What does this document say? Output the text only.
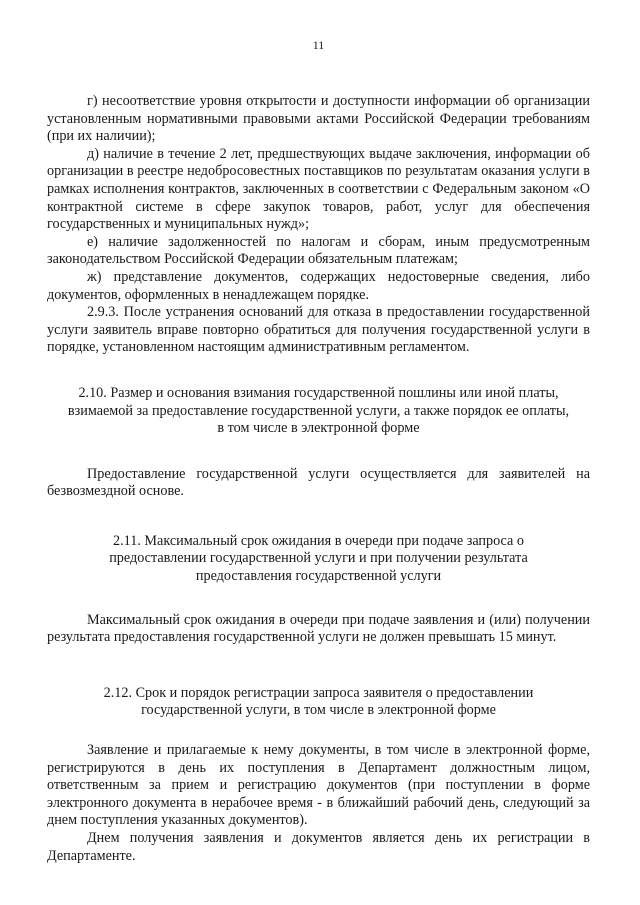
11

г) несоответствие уровня открытости и доступности информации об организации установленным нормативными правовыми актами Российской Федерации требованиям (при их наличии);

д) наличие в течение 2 лет, предшествующих выдаче заключения, информации об организации в реестре недобросовестных поставщиков по результатам оказания услуги в рамках исполнения контрактов, заключенных в соответствии с Федеральным законом «О контрактной системе в сфере закупок товаров, работ, услуг для обеспечения государственных и муниципальных нужд»;

е) наличие задолженностей по налогам и сборам, иным предусмотренным законодательством Российской Федерации обязательным платежам;

ж) представление документов, содержащих недостоверные сведения, либо документов, оформленных в ненадлежащем порядке.

2.9.3. После устранения оснований для отказа в предоставлении государственной услуги заявитель вправе повторно обратиться для получения государственной услуги в порядке, установленном настоящим административным регламентом.

2.10. Размер и основания взимания государственной пошлины или иной платы, взимаемой за предоставление государственной услуги, а также порядок ее оплаты, в том числе в электронной форме

Предоставление государственной услуги осуществляется для заявителей на безвозмездной основе.

2.11. Максимальный срок ожидания в очереди при подаче запроса о предоставлении государственной услуги и при получении результата предоставления государственной услуги

Максимальный срок ожидания в очереди при подаче заявления и (или) получении результата предоставления государственной услуги не должен превышать 15 минут.

2.12. Срок и порядок регистрации запроса заявителя о предоставлении государственной услуги, в том числе в электронной форме

Заявление и прилагаемые к нему документы, в том числе в электронной форме, регистрируются в день их поступления в Департамент должностным лицом, ответственным за прием и регистрацию документов (при поступлении в форме электронного документа в нерабочее время - в ближайший рабочий день, следующий за днем поступления указанных документов).

Днем получения заявления и документов является день их регистрации в Департаменте.
